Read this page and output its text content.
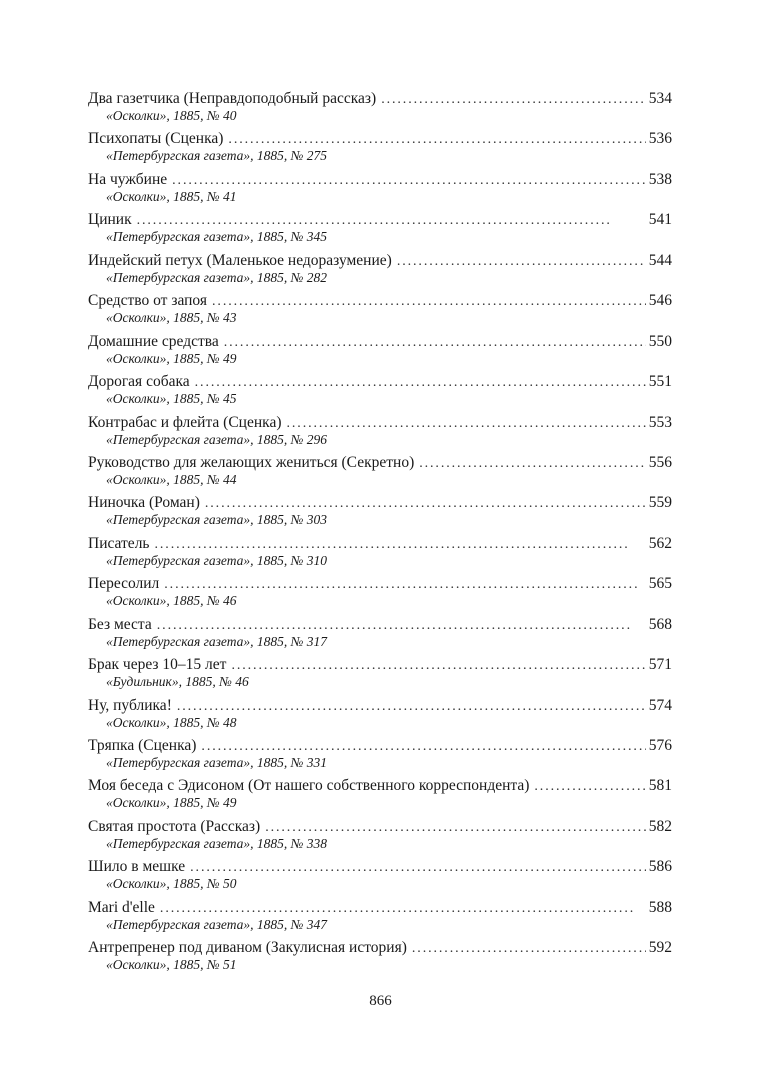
Два газетчика (Неправдоподобный рассказ) . . .	534
«Осколки», 1885, № 40
Психопаты (Сценка) . . .	536
«Петербургская газета», 1885, № 275
На чужбине . . .	538
«Осколки», 1885, № 41
Циник . . .	541
«Петербургская газета», 1885, № 345
Индейский петух (Маленькое недоразумение) . . .	544
«Петербургская газета», 1885, № 282
Средство от запоя . . .	546
«Осколки», 1885, № 43
Домашние средства . . .	550
«Осколки», 1885, № 49
Дорогая собака . . .	551
«Осколки», 1885, № 45
Контрабас и флейта (Сценка) . . .	553
«Петербургская газета», 1885, № 296
Руководство для желающих жениться (Секретно) . . .	556
«Осколки», 1885, № 44
Ниночка (Роман) . . .	559
«Петербургская газета», 1885, № 303
Писатель . . .	562
«Петербургская газета», 1885, № 310
Пересолил . . .	565
«Осколки», 1885, № 46
Без места . . .	568
«Петербургская газета», 1885, № 317
Брак через 10–15 лет . . .	571
«Будильник», 1885, № 46
Ну, публика! . . .	574
«Осколки», 1885, № 48
Тряпка (Сценка) . . .	576
«Петербургская газета», 1885, № 331
Моя беседа с Эдисоном (От нашего собственного корреспондента) . . .	581
«Осколки», 1885, № 49
Святая простота (Рассказ) . . .	582
«Петербургская газета», 1885, № 338
Шило в мешке . . .	586
«Осколки», 1885, № 50
Mari d'elle . . .	588
«Петербургская газета», 1885, № 347
Антрепренер под диваном (Закулисная история) . . .	592
«Осколки», 1885, № 51
866
